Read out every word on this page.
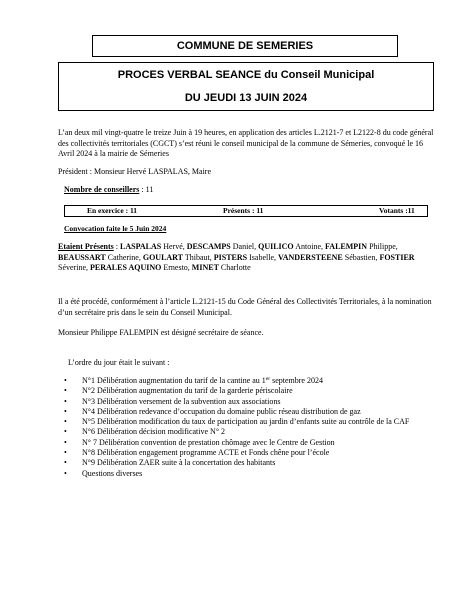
COMMUNE DE SEMERIES
PROCES VERBAL SEANCE du Conseil Municipal
DU JEUDI 13 JUIN 2024

L’an deux mil vingt-quatre le treize Juin à 19 heures, en application des articles L.2121-7 et L2122-8 du code général des collectivités territoriales (CGCT) s’est réuni le conseil municipal de la commune de Sémeries, convoqué le 16 Avril 2024 à la mairie de Sémeries

Président : Monsieur Hervé LASPALAS, Maire

Nombre de conseillers : 11

En exercice : 11	Présents : 11	Votants :11

Convocation faite le 5 Juin 2024

Etaient Présents : LASPALAS Hervé, DESCAMPS Daniel, QUILICO Antoine, FALEMPIN Philippe, BEAUSSART Catherine, GOULART Thibaut, PISTERS Isabelle, VANDERSTEENE Sébastien, FOSTIER Séverine, PERALES AQUINO Ernesto, MINET Charlotte

Il a été procédé, conformément à l’article L.2121-15 du Code Général des Collectivités Territoriales, à la nomination d’un secrétaire pris dans le sein du Conseil Municipal.

Monsieur Philippe FALEMPIN est désigné secrétaire de séance.

L’ordre du jour était le suivant :

• N°1 Délibération augmentation du tarif de la cantine au 1er septembre 2024
• N°2 Délibération augmentation du tarif de la garderie périscolaire
• N°3 Délibération versement de la subvention aux associations
• N°4 Délibération redevance d’occupation du domaine public réseau distribution de gaz
• N°5 Délibération modification du taux de participation au jardin d’enfants suite au contrôle de la CAF
• N°6 Délibération décision modificative N° 2
• N° 7 Délibération convention de prestation chômage avec le Centre de Gestion
• N°8 Délibération engagement programme ACTE et Fonds chêne pour l’école
• N°9 Délibération ZAER suite à la concertation des habitants
• Questions diverses
